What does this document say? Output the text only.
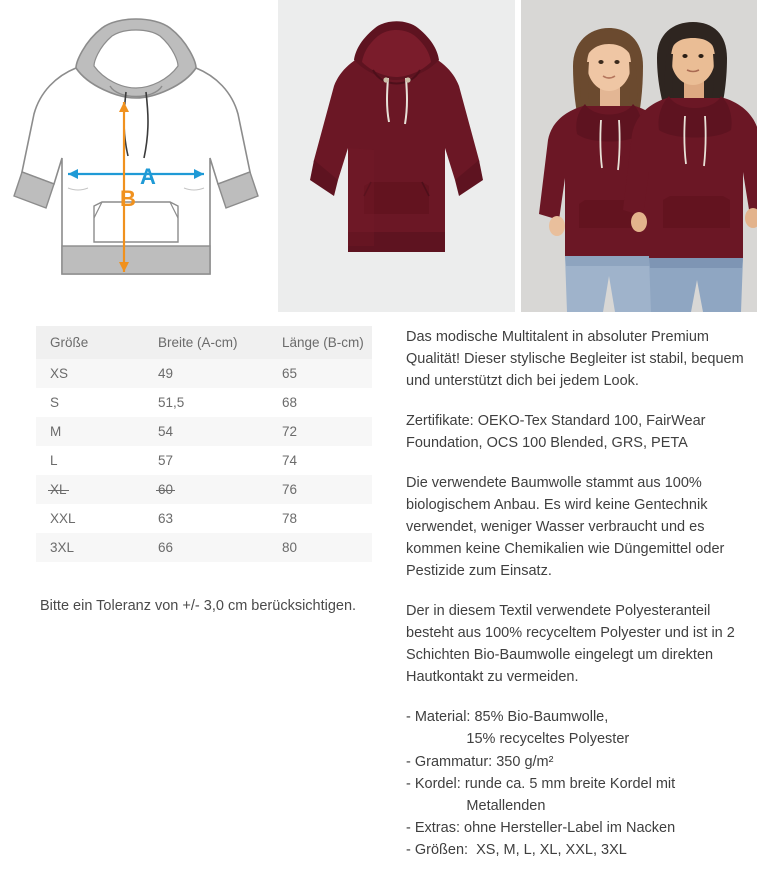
A
B
Größe	Breite (A-cm)	Länge (B-cm)
XS	49	65
S	51,5	68
M	54	72
L	57	74
XL	60	76
XXL	63	78
3XL	66	80
Bitte ein Toleranz von +/- 3,0 cm berücksichtigen.

Das modische Multitalent in absoluter Premium Qualität! Dieser stylische Begleiter ist stabil, bequem und unterstützt dich bei jedem Look.

Zertifikate: OEKO-Tex Standard 100, FairWear Foundation, OCS 100 Blended, GRS, PETA

Die verwendete Baumwolle stammt aus 100% biologischem Anbau. Es wird keine Gentechnik verwendet, weniger Wasser verbraucht und es kommen keine Chemikalien wie Düngemittel oder Pestizide zum Einsatz.

Der in diesem Textil verwendete Polyesteranteil besteht aus 100% recyceltem Polyester und ist in 2 Schichten Bio-Baumwolle eingelegt um direkten Hautkontakt zu vermeiden.

- Material: 85% Bio-Baumwolle,
15% recyceltes Polyester
- Grammatur: 350 g/m²
- Kordel: runde ca. 5 mm breite Kordel mit
Metallenden
- Extras: ohne Hersteller-Label im Nacken
- Größen:  XS, M, L, XL, XXL, 3XL
